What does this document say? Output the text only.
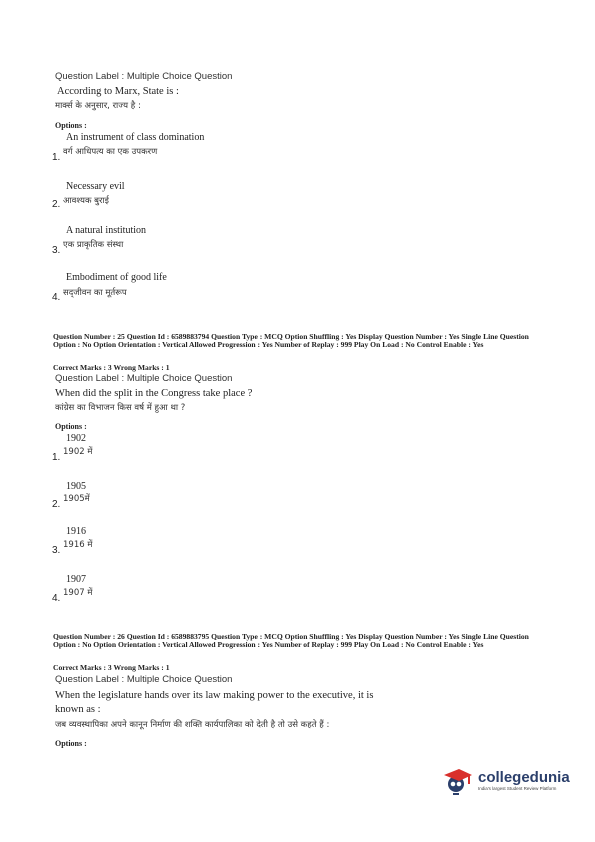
Question Label : Multiple Choice Question
According to Marx, State is :
मार्क्स के अनुसार, राज्य है :
Options :
An instrument of class domination
1. वर्ग आधिपत्य का एक उपकरण
Necessary evil
2. आवश्यक बुराई
A natural institution
3. एक प्राकृतिक संस्था
Embodiment of good life
4. सद्जीवन का मूर्तरूप
Question Number : 25 Question Id : 6589883794 Question Type : MCQ Option Shuffling : Yes Display Question Number : Yes Single Line Question Option : No Option Orientation : Vertical Allowed Progression : Yes Number of Replay : 999 Play On Load : No Control Enable : Yes
Correct Marks : 3 Wrong Marks : 1
Question Label : Multiple Choice Question
When did the split in the Congress take place ?
कांग्रेस का विभाजन किस वर्ष में हुआ था ?
Options :
1902
1. 1902 में
1905
2. 1905में
1916
3. 1916 में
1907
4. 1907 में
Question Number : 26 Question Id : 6589883795 Question Type : MCQ Option Shuffling : Yes Display Question Number : Yes Single Line Question Option : No Option Orientation : Vertical Allowed Progression : Yes Number of Replay : 999 Play On Load : No Control Enable : Yes
Correct Marks : 3 Wrong Marks : 1
Question Label : Multiple Choice Question
When the legislature hands over its law making power to the executive, it is
known as :
जब व्यवस्थापिका अपने कानून निर्माण की शक्ति कार्यपालिका को देती है तो उसे कहते हैं :
Options :
collegedunia
India's largest Student Review Platform
